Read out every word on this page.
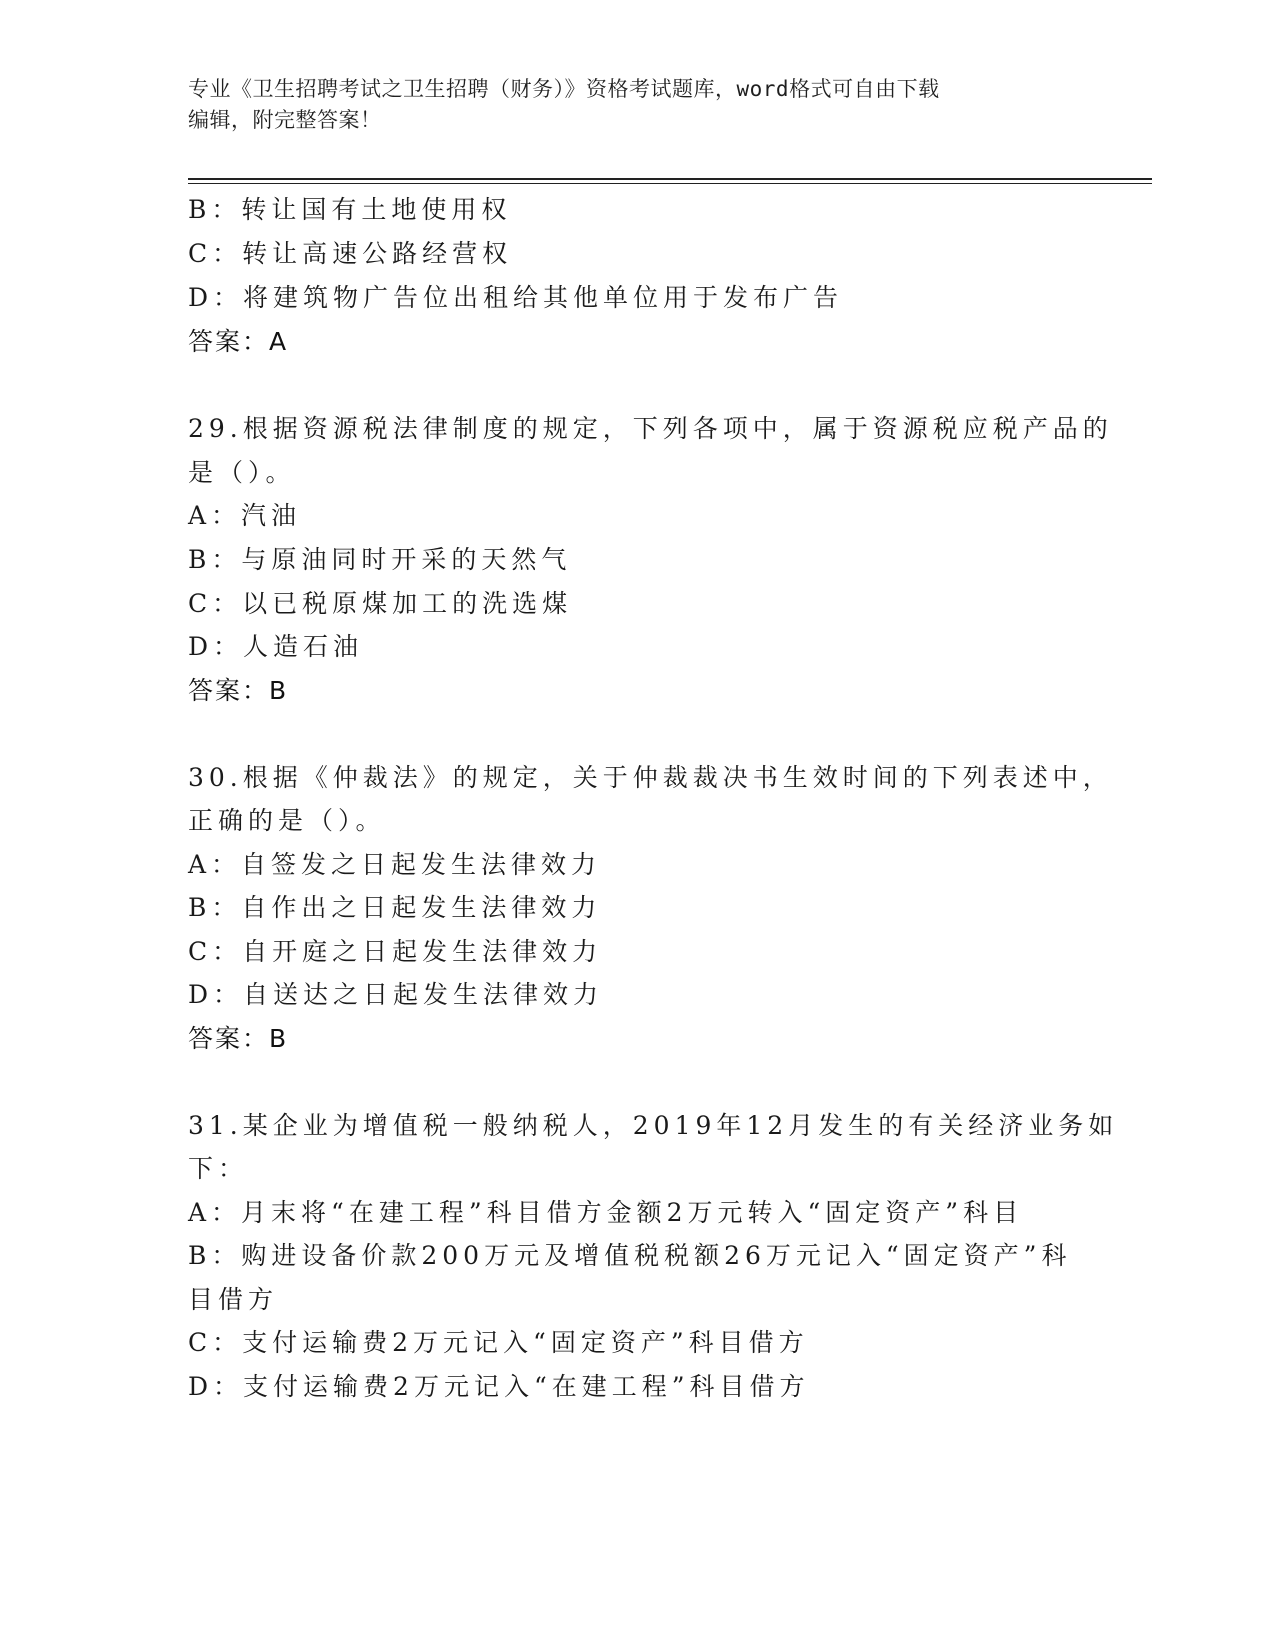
专业《卫生招聘考试之卫生招聘（财务）》资格考试题库，word格式可自由下载
编辑，附完整答案！
B：转让国有土地使用权
C：转让高速公路经营权
D：将建筑物广告位出租给其他单位用于发布广告
答案：A
29.根据资源税法律制度的规定，下列各项中，属于资源税应税产品的
是（）。
A：汽油
B：与原油同时开采的天然气
C：以已税原煤加工的洗选煤
D：人造石油
答案：B
30.根据《仲裁法》的规定，关于仲裁裁决书生效时间的下列表述中，
正确的是（）。
A：自签发之日起发生法律效力
B：自作出之日起发生法律效力
C：自开庭之日起发生法律效力
D：自送达之日起发生法律效力
答案：B
31.某企业为增值税一般纳税人，2019年12月发生的有关经济业务如
下：
A：月末将“在建工程”科目借方金额2万元转入“固定资产”科目
B：购进设备价款200万元及增值税税额26万元记入“固定资产”科
目借方
C：支付运输费2万元记入“固定资产”科目借方
D：支付运输费2万元记入“在建工程”科目借方
